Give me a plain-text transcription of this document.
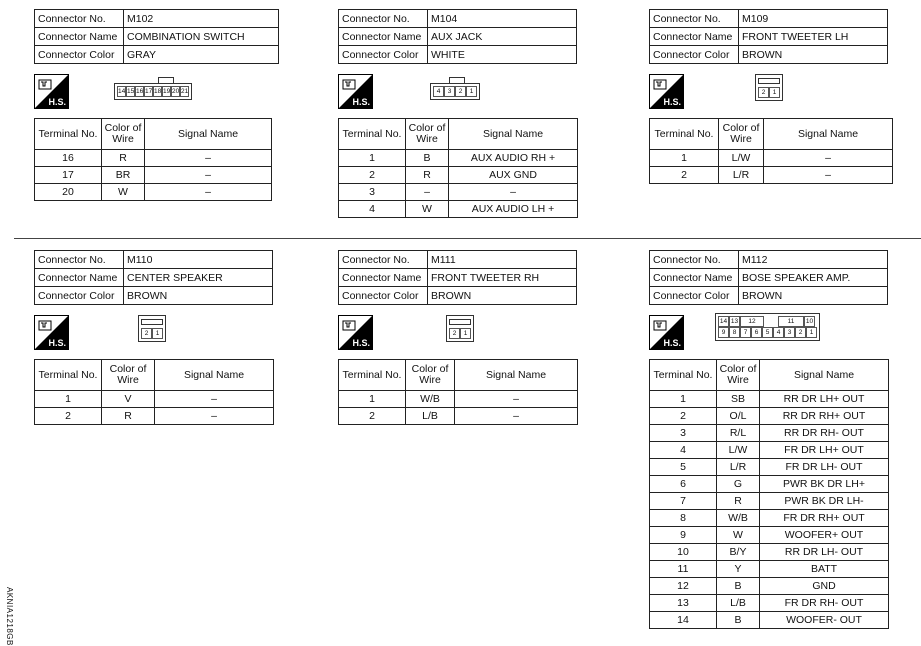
Connector No.	M102
Connector Name	COMBINATION SWITCH
Connector Color	GRAY
H.S.
14 15 16 17 18 19 20 21
Terminal No.	Color of Wire	Signal Name
16	R	–
17	BR	–
20	W	–
Connector No.	M104
Connector Name	AUX JACK
Connector Color	WHITE
H.S.
4	3	2	1
Terminal No.	Color of Wire	Signal Name
1	B	AUX AUDIO RH +
2	R	AUX GND
3	–	–
4	W	AUX AUDIO LH +
Connector No.	M109
Connector Name	FRONT TWEETER LH
Connector Color	BROWN
H.S.
2	1
Terminal No.	Color of Wire	Signal Name
1	L/W	–
2	L/R	–
Connector No.	M110
Connector Name	CENTER SPEAKER
Connector Color	BROWN
H.S.
2	1
Terminal No.	Color of Wire	Signal Name
1	V	–
2	R	–
Connector No.	M111
Connector Name	FRONT TWEETER RH
Connector Color	BROWN
H.S.
2	1
Terminal No.	Color of Wire	Signal Name
1	W/B	–
2	L/B	–
Connector No.	M112
Connector Name	BOSE SPEAKER AMP.
Connector Color	BROWN
H.S.
14 13	12	11	10
9	8	7	6	5	4	3	2	1
Terminal No.	Color of Wire	Signal Name
1	SB	RR DR LH+ OUT
2	O/L	RR DR RH+ OUT
3	R/L	RR DR RH- OUT
4	L/W	FR DR LH+ OUT
5	L/R	FR DR LH- OUT
6	G	PWR BK DR LH+
7	R	PWR BK DR LH-
8	W/B	FR DR RH+ OUT
9	W	WOOFER+ OUT
10	B/Y	RR DR LH- OUT
11	Y	BATT
12	B	GND
13	L/B	FR DR RH- OUT
14	B	WOOFER- OUT
AKNIA1218GB
